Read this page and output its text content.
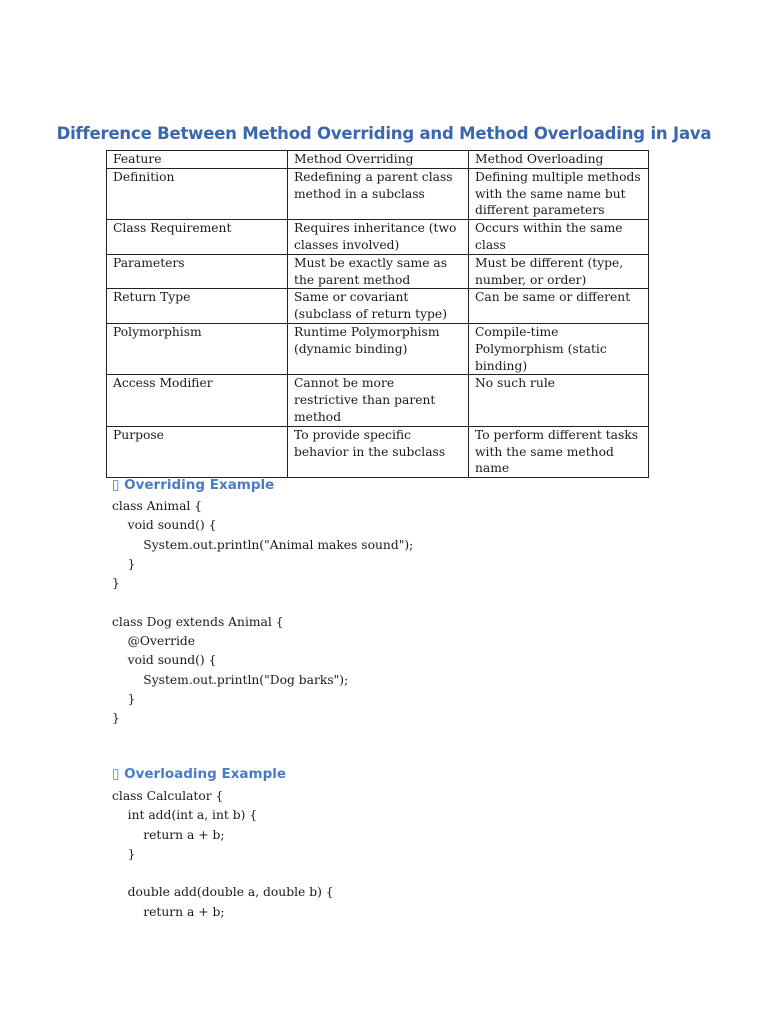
Difference Between Method Overriding and Method Overloading in Java
Feature	Method Overriding	Method Overloading
Definition	Redefining a parent class method in a subclass	Defining multiple methods with the same name but different parameters
Class Requirement	Requires inheritance (two classes involved)	Occurs within the same class
Parameters	Must be exactly same as the parent method	Must be different (type, number, or order)
Return Type	Same or covariant (subclass of return type)	Can be same or different
Polymorphism	Runtime Polymorphism (dynamic binding)	Compile-time Polymorphism (static binding)
Access Modifier	Cannot be more restrictive than parent method	No such rule
Purpose	To provide specific behavior in the subclass	To perform different tasks with the same method name
▯ Overriding Example
class Animal {
void sound() {
System.out.println("Animal makes sound");
}
}

class Dog extends Animal {
@Override
void sound() {
System.out.println("Dog barks");
}
}
▯ Overloading Example
class Calculator {
int add(int a, int b) {
return a + b;
}

double add(double a, double b) {
return a + b;
